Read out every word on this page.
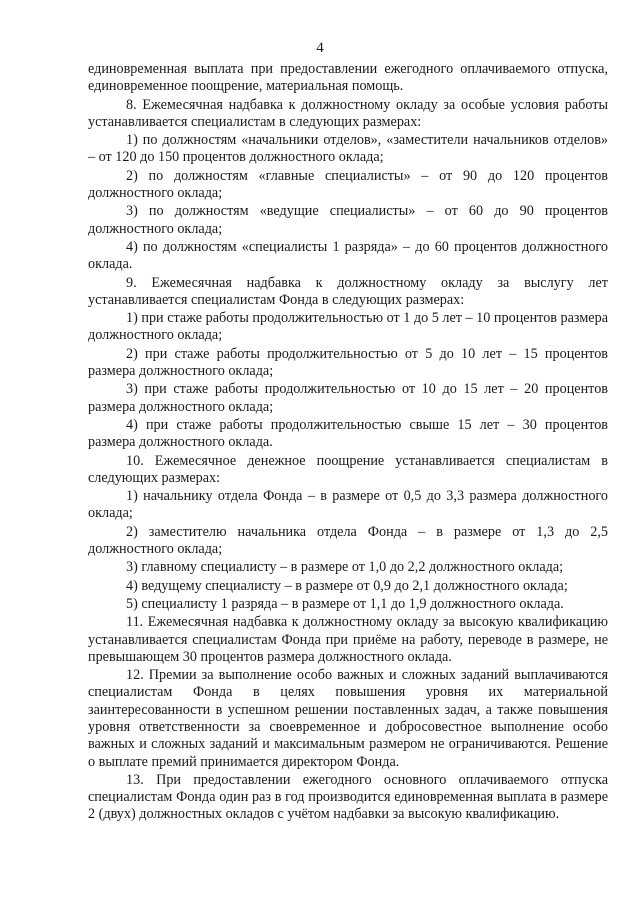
4

единовременная выплата при предоставлении ежегодного оплачиваемого отпуска, единовременное поощрение, материальная помощь.

8. Ежемесячная надбавка к должностному окладу за особые условия работы устанавливается специалистам в следующих размерах:

1) по должностям «начальники отделов», «заместители начальников отделов» – от 120 до 150 процентов должностного оклада;

2) по должностям «главные специалисты» – от 90 до 120 процентов должностного оклада;

3) по должностям «ведущие специалисты» – от 60 до 90 процентов должностного оклада;

4) по должностям «специалисты 1 разряда» – до 60 процентов должностного оклада.

9. Ежемесячная надбавка к должностному окладу за выслугу лет устанавливается специалистам Фонда в следующих размерах:

1) при стаже работы продолжительностью от 1 до 5 лет – 10 процентов размера должностного оклада;

2) при стаже работы продолжительностью от 5 до 10 лет – 15 процентов размера должностного оклада;

3) при стаже работы продолжительностью от 10 до 15 лет – 20 процентов размера должностного оклада;

4) при стаже работы продолжительностью свыше 15 лет – 30 процентов размера должностного оклада.

10. Ежемесячное денежное поощрение устанавливается специалистам в следующих размерах:

1) начальнику отдела Фонда – в размере от 0,5 до 3,3 размера должностного оклада;

2) заместителю начальника отдела Фонда – в размере от 1,3 до 2,5 должностного оклада;

3) главному специалисту – в размере от 1,0 до 2,2 должностного оклада;

4) ведущему специалисту – в размере от 0,9 до 2,1 должностного оклада;

5) специалисту 1 разряда – в размере от 1,1 до 1,9 должностного оклада.

11. Ежемесячная надбавка к должностному окладу за высокую квалификацию устанавливается специалистам Фонда при приёме на работу, переводе в размере, не превышающем 30 процентов размера должностного оклада.

12. Премии за выполнение особо важных и сложных заданий выплачиваются специалистам Фонда в целях повышения уровня их материальной заинтересованности в успешном решении поставленных задач, а также повышения уровня ответственности за своевременное и добросовестное выполнение особо важных и сложных заданий и максимальным размером не ограничиваются. Решение о выплате премий принимается директором Фонда.

13. При предоставлении ежегодного основного оплачиваемого отпуска специалистам Фонда один раз в год производится единовременная выплата в размере 2 (двух) должностных окладов с учётом надбавки за высокую квалификацию.
